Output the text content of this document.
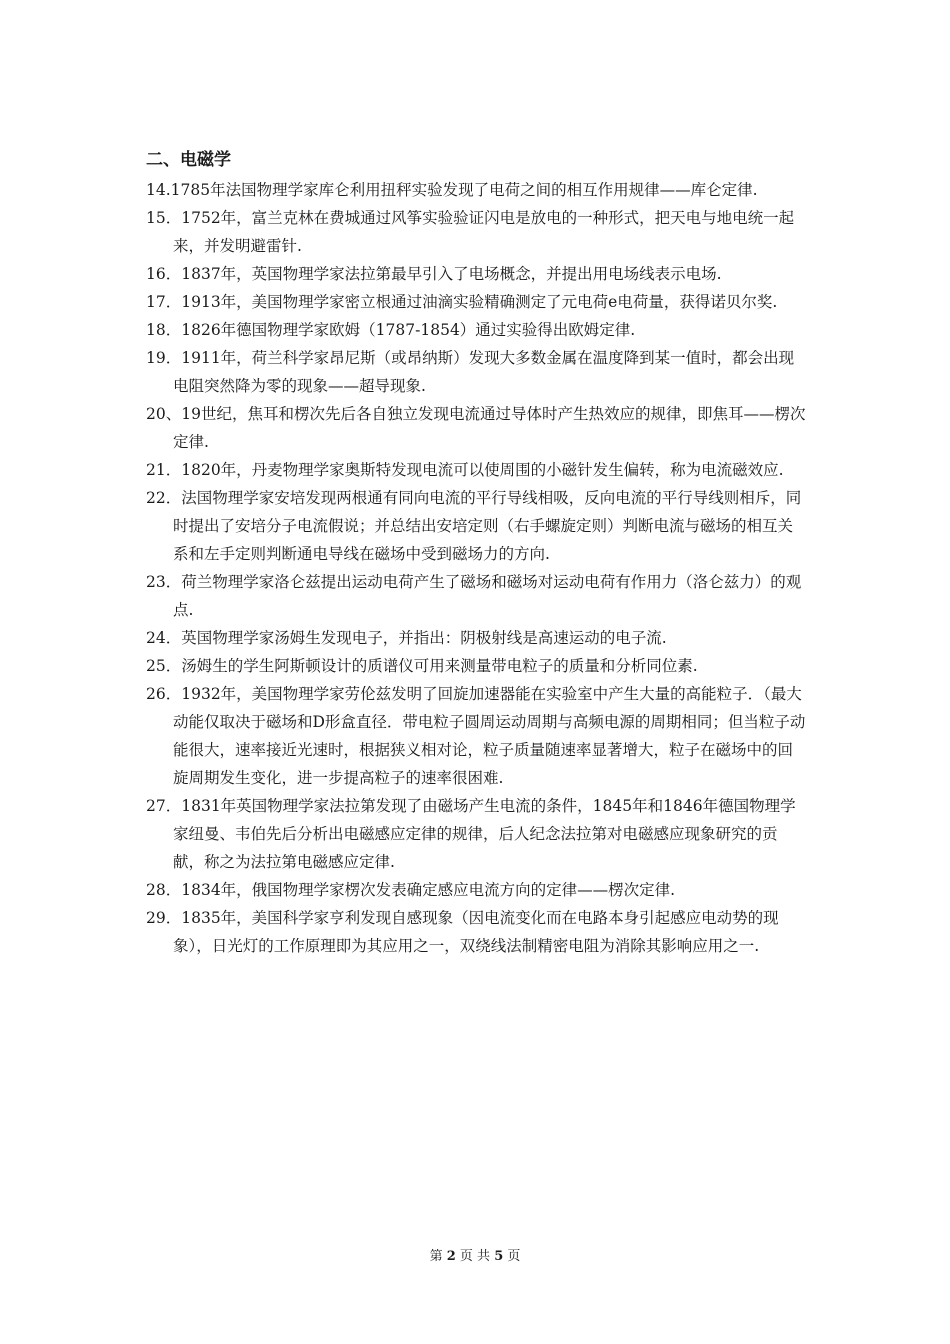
二、电磁学
14.1785年法国物理学家库仑利用扭秤实验发现了电荷之间的相互作用规律——库仑定律.
15．1752年，富兰克林在费城通过风筝实验验证闪电是放电的一种形式，把天电与地电统一起来，并发明避雷针.
16．1837年，英国物理学家法拉第最早引入了电场概念，并提出用电场线表示电场.
17．1913年，美国物理学家密立根通过油滴实验精确测定了元电荷e电荷量，获得诺贝尔奖.
18．1826年德国物理学家欧姆（1787-1854）通过实验得出欧姆定律.
19．1911年，荷兰科学家昂尼斯（或昂纳斯）发现大多数金属在温度降到某一值时，都会出现电阻突然降为零的现象——超导现象.
20、19世纪，焦耳和楞次先后各自独立发现电流通过导体时产生热效应的规律，即焦耳——楞次定律.
21．1820年，丹麦物理学家奥斯特发现电流可以使周围的小磁针发生偏转，称为电流磁效应.
22．法国物理学家安培发现两根通有同向电流的平行导线相吸，反向电流的平行导线则相斥，同时提出了安培分子电流假说；并总结出安培定则（右手螺旋定则）判断电流与磁场的相互关系和左手定则判断通电导线在磁场中受到磁场力的方向.
23．荷兰物理学家洛仑兹提出运动电荷产生了磁场和磁场对运动电荷有作用力（洛仑兹力）的观点.
24．英国物理学家汤姆生发现电子，并指出：阴极射线是高速运动的电子流.
25．汤姆生的学生阿斯顿设计的质谱仪可用来测量带电粒子的质量和分析同位素.
26．1932年，美国物理学家劳伦兹发明了回旋加速器能在实验室中产生大量的高能粒子．（最大动能仅取决于磁场和D形盒直径．带电粒子圆周运动周期与高频电源的周期相同；但当粒子动能很大，速率接近光速时，根据狭义相对论，粒子质量随速率显著增大，粒子在磁场中的回旋周期发生变化，进一步提高粒子的速率很困难.
27．1831年英国物理学家法拉第发现了由磁场产生电流的条件，1845年和1846年德国物理学家纽曼、韦伯先后分析出电磁感应定律的规律，后人纪念法拉第对电磁感应现象研究的贡献，称之为法拉第电磁感应定律.
28．1834年，俄国物理学家楞次发表确定感应电流方向的定律——楞次定律.
29．1835年，美国科学家亨利发现自感现象（因电流变化而在电路本身引起感应电动势的现象），日光灯的工作原理即为其应用之一，双绕线法制精密电阻为消除其影响应用之一.
第 2 页 共 5 页
